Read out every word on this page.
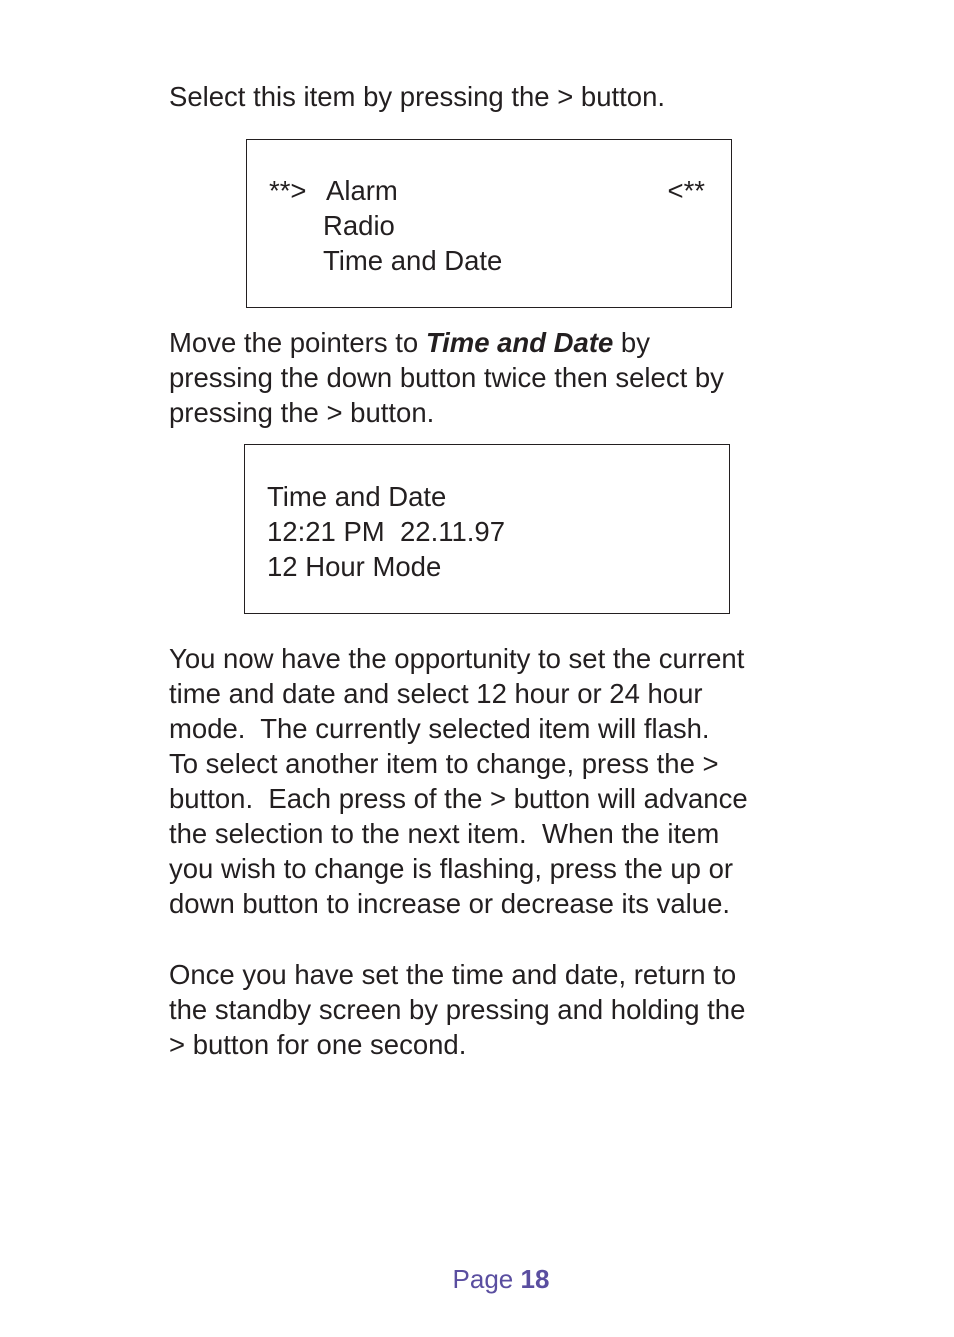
Select this item by pressing the > button.

**> Alarm	<**
Radio
Time and Date

Move the pointers to Time and Date by
pressing the down button twice then select by
pressing the > button.

Time and Date
12:21 PM  22.11.97
12 Hour Mode

You now have the opportunity to set the current
time and date and select 12 hour or 24 hour
mode.  The currently selected item will flash.
To select another item to change, press the >
button.  Each press of the > button will advance
the selection to the next item.  When the item
you wish to change is flashing, press the up or
down button to increase or decrease its value.

Once you have set the time and date, return to
the standby screen by pressing and holding the
> button for one second.

Page 18
